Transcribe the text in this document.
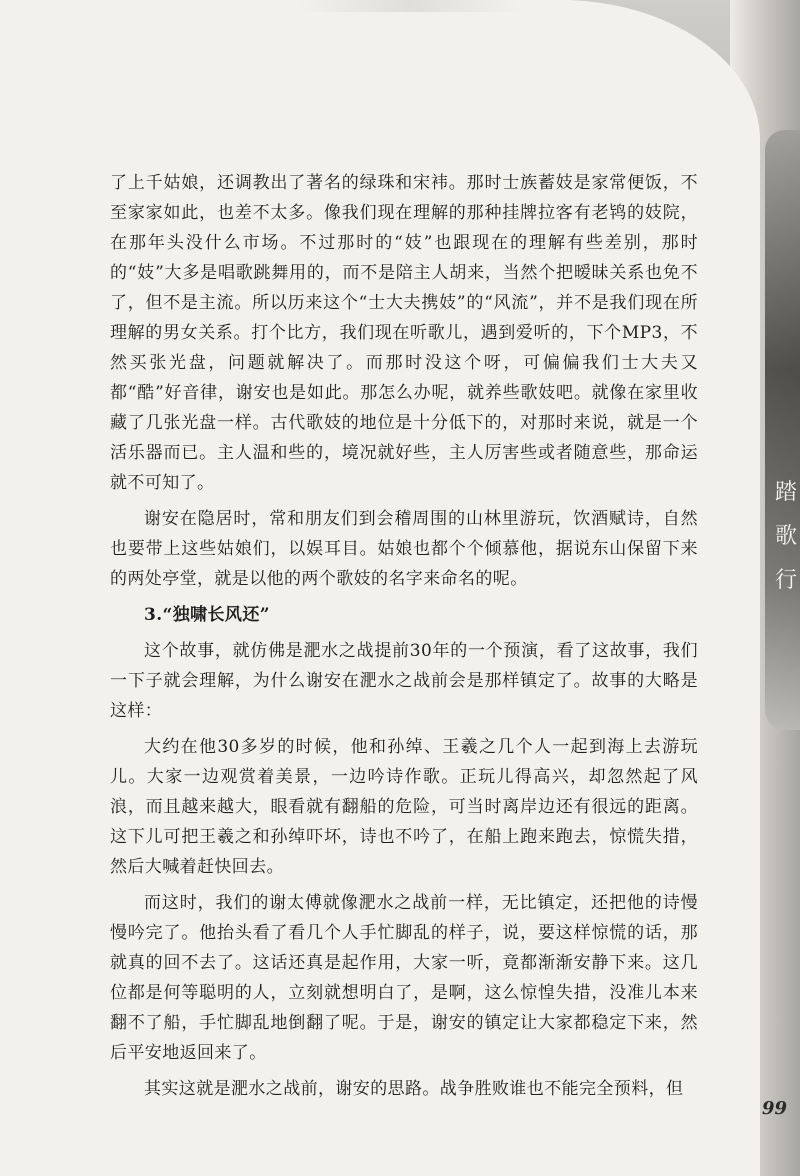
踏
歌
行

了上千姑娘，还调教出了著名的绿珠和宋袆。那时士族蓄妓是家常便饭，不至家家如此，也差不太多。像我们现在理解的那种挂牌拉客有老鸨的妓院，在那年头没什么市场。不过那时的“妓”也跟现在的理解有些差别，那时的“妓”大多是唱歌跳舞用的，而不是陪主人胡来，当然个把暧昧关系也免不了，但不是主流。所以历来这个“士大夫携妓”的“风流”，并不是我们现在所理解的男女关系。打个比方，我们现在听歌儿，遇到爱听的，下个MP3，不然买张光盘，问题就解决了。而那时没这个呀，可偏偏我们士大夫又都“酷”好音律，谢安也是如此。那怎么办呢，就养些歌妓吧。就像在家里收藏了几张光盘一样。古代歌妓的地位是十分低下的，对那时来说，就是一个活乐器而已。主人温和些的，境况就好些，主人厉害些或者随意些，那命运就不可知了。

谢安在隐居时，常和朋友们到会稽周围的山林里游玩，饮酒赋诗，自然也要带上这些姑娘们，以娱耳目。姑娘也都个个倾慕他，据说东山保留下来的两处亭堂，就是以他的两个歌妓的名字来命名的呢。

3.“独啸长风还”

这个故事，就仿佛是淝水之战提前30年的一个预演，看了这故事，我们一下子就会理解，为什么谢安在淝水之战前会是那样镇定了。故事的大略是这样：

大约在他30多岁的时候，他和孙绰、王羲之几个人一起到海上去游玩儿。大家一边观赏着美景，一边吟诗作歌。正玩儿得高兴，却忽然起了风浪，而且越来越大，眼看就有翻船的危险，可当时离岸边还有很远的距离。这下儿可把王羲之和孙绰吓坏，诗也不吟了，在船上跑来跑去，惊慌失措，然后大喊着赶快回去。

而这时，我们的谢太傅就像淝水之战前一样，无比镇定，还把他的诗慢慢吟完了。他抬头看了看几个人手忙脚乱的样子，说，要这样惊慌的话，那就真的回不去了。这话还真是起作用，大家一听，竟都渐渐安静下来。这几位都是何等聪明的人，立刻就想明白了，是啊，这么惊惶失措，没准儿本来翻不了船，手忙脚乱地倒翻了呢。于是，谢安的镇定让大家都稳定下来，然后平安地返回来了。

其实这就是淝水之战前，谢安的思路。战争胜败谁也不能完全预料，但

99
